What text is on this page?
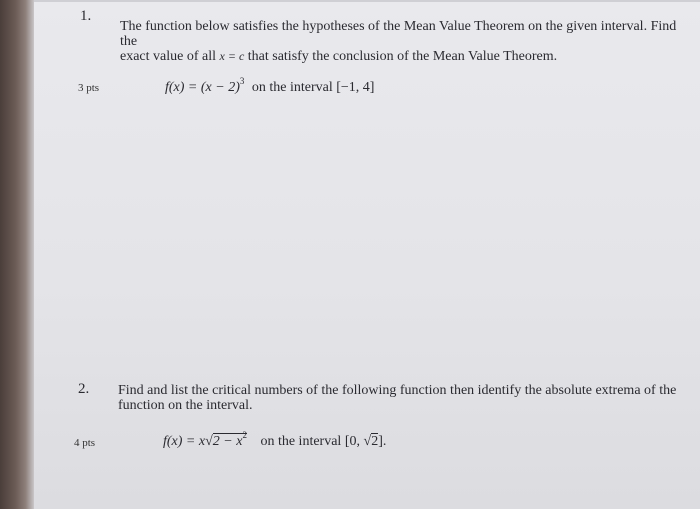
1.
The function below satisfies the hypotheses of the Mean Value Theorem on the given interval. Find the
exact value of all x = c that satisfy the conclusion of the Mean Value Theorem.
3 pts	$f(x) = (x - 2)^3$ on the interval [−1, 4]
2. Find and list the critical numbers of the following function then identify the absolute extrema of the
function on the interval.
4 pts	$f(x) = x√2 - x^2$ on the interval [0, √2].
